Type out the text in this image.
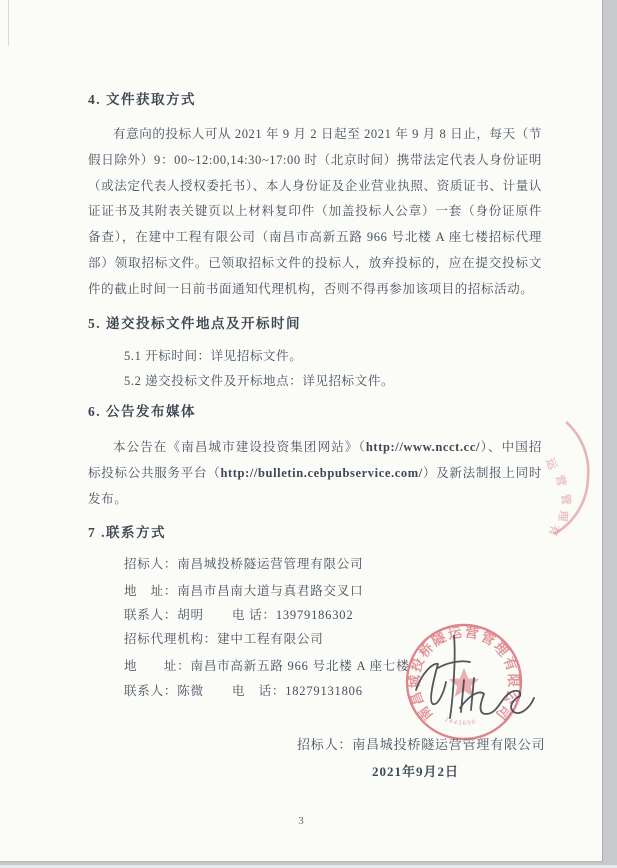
4. 文件获取方式

有意向的投标人可从 2021 年 9 月 2 日起至 2021 年 9 月 8 日止，每天（节假日除外）9：00~12:00,14:30~17:00 时（北京时间）携带法定代表人身份证明（或法定代表人授权委托书）、本人身份证及企业营业执照、资质证书、计量认证证书及其附表关键页以上材料复印件（加盖投标人公章）一套（身份证原件备查），在建中工程有限公司（南昌市高新五路 966 号北楼 A 座七楼招标代理部）领取招标文件。已领取招标文件的投标人，放弃投标的，应在提交投标文件的截止时间一日前书面通知代理机构，否则不得再参加该项目的招标活动。

5. 递交投标文件地点及开标时间
5.1 开标时间：详见招标文件。
5.2 递交投标文件及开标地点：详见招标文件。
6. 公告发布媒体

本公告在《南昌城市建设投资集团网站》（http://www.ncct.cc/）、中国招标投标公共服务平台（http://bulletin.cebpubservice.com/）及新法制报上同时发布。

7 .联系方式
招标人：南昌城投桥隧运营管理有限公司
地　址：南昌市昌南大道与真君路交叉口
联系人：胡明 电 话：13979186302
招标代理机构：建中工程有限公司
地　　址：南昌市高新五路 966 号北楼 A 座七楼
联系人：陈微 电　话：18279131806
招标人：南昌城投桥隧运营管理有限公司
2021年9月2日
3
南昌城投桥隧运营管理有限公司
2443690
运
营
管
理
有
